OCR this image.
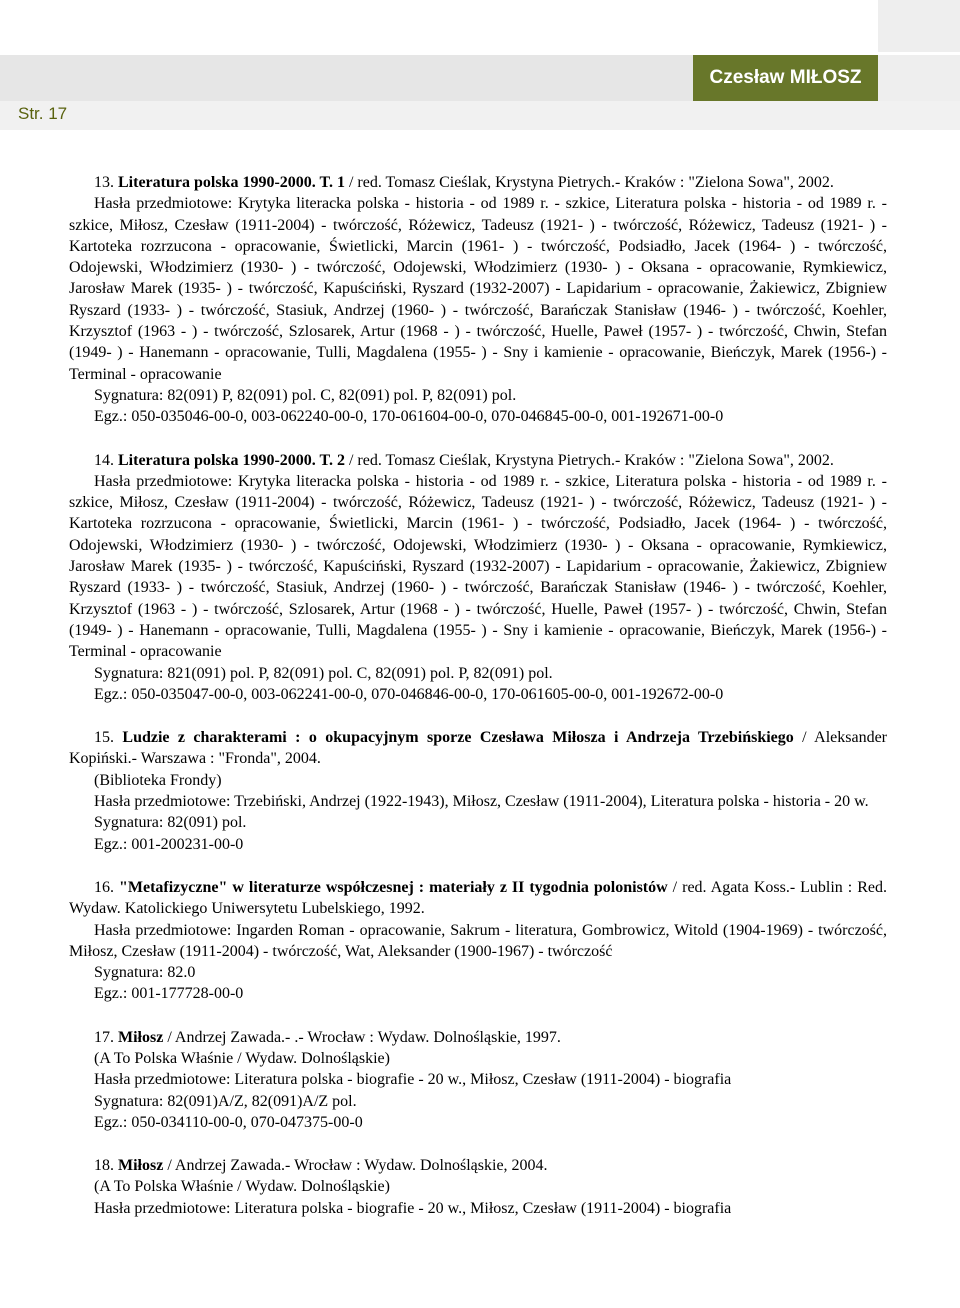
Czesław MIŁOSZ
Str. 17

13. Literatura polska 1990-2000. T. 1 / red. Tomasz Cieślak, Krystyna Pietrych.- Kraków : "Zielona Sowa", 2002.

Hasła przedmiotowe: Krytyka literacka polska - historia - od 1989 r. - szkice, Literatura polska - historia - od 1989 r. - szkice, Miłosz, Czesław (1911-2004) - twórczość, Różewicz, Tadeusz (1921- ) - twórczość, Różewicz, Tadeusz (1921- ) - Kartoteka rozrzucona - opracowanie, Świetlicki, Marcin (1961- ) - twórczość, Podsiadło, Jacek (1964- ) - twórczość, Odojewski, Włodzimierz (1930- ) - twórczość, Odojewski, Włodzimierz (1930- ) - Oksana - opracowanie, Rymkiewicz, Jarosław Marek (1935- ) - twórczość, Kapuściński, Ryszard (1932-2007) - Lapidarium - opracowanie, Żakiewicz, Zbigniew Ryszard (1933- ) - twórczość, Stasiuk, Andrzej (1960- ) - twórczość, Barańczak Stanisław (1946- ) - twórczość, Koehler, Krzysztof (1963 - ) - twórczość, Szlosarek, Artur (1968 - ) - twórczość, Huelle, Paweł (1957- ) - twórczość, Chwin, Stefan (1949- ) - Hanemann - opracowanie, Tulli, Magdalena (1955- ) - Sny i kamienie - opracowanie, Bieńczyk, Marek (1956-) - Terminal - opracowanie

Sygnatura: 82(091) P, 82(091) pol. C, 82(091) pol. P, 82(091) pol.

Egz.: 050-035046-00-0, 003-062240-00-0, 170-061604-00-0, 070-046845-00-0, 001-192671-00-0

14. Literatura polska 1990-2000. T. 2 / red. Tomasz Cieślak, Krystyna Pietrych.- Kraków : "Zielona Sowa", 2002.

Hasła przedmiotowe: Krytyka literacka polska - historia - od 1989 r. - szkice, Literatura polska - historia - od 1989 r. - szkice, Miłosz, Czesław (1911-2004) - twórczość, Różewicz, Tadeusz (1921- ) - twórczość, Różewicz, Tadeusz (1921- ) - Kartoteka rozrzucona - opracowanie, Świetlicki, Marcin (1961- ) - twórczość, Podsiadło, Jacek (1964- ) - twórczość, Odojewski, Włodzimierz (1930- ) - twórczość, Odojewski, Włodzimierz (1930- ) - Oksana - opracowanie, Rymkiewicz, Jarosław Marek (1935- ) - twórczość, Kapuściński, Ryszard (1932-2007) - Lapidarium - opracowanie, Żakiewicz, Zbigniew Ryszard (1933- ) - twórczość, Stasiuk, Andrzej (1960- ) - twórczość, Barańczak Stanisław (1946- ) - twórczość, Koehler, Krzysztof (1963 - ) - twórczość, Szlosarek, Artur (1968 - ) - twórczość, Huelle, Paweł (1957- ) - twórczość, Chwin, Stefan (1949- ) - Hanemann - opracowanie, Tulli, Magdalena (1955- ) - Sny i kamienie - opracowanie, Bieńczyk, Marek (1956-) - Terminal - opracowanie

Sygnatura: 821(091) pol. P, 82(091) pol. C, 82(091) pol. P, 82(091) pol.

Egz.: 050-035047-00-0, 003-062241-00-0, 070-046846-00-0, 170-061605-00-0, 001-192672-00-0

15. Ludzie z charakterami : o okupacyjnym sporze Czesława Miłosza i Andrzeja Trzebińskiego / Aleksander Kopiński.- Warszawa : "Fronda", 2004.

(Biblioteka Frondy)

Hasła przedmiotowe: Trzebiński, Andrzej (1922-1943), Miłosz, Czesław (1911-2004), Literatura polska - historia - 20 w.

Sygnatura: 82(091) pol.

Egz.: 001-200231-00-0

16. "Metafizyczne" w literaturze współczesnej : materiały z II tygodnia polonistów / red. Agata Koss.- Lublin : Red. Wydaw. Katolickiego Uniwersytetu Lubelskiego, 1992.

Hasła przedmiotowe: Ingarden Roman - opracowanie, Sakrum - literatura, Gombrowicz, Witold (1904-1969) - twórczość, Miłosz, Czesław (1911-2004) - twórczość, Wat, Aleksander (1900-1967) - twórczość

Sygnatura: 82.0

Egz.: 001-177728-00-0

17. Miłosz / Andrzej Zawada.- .- Wrocław : Wydaw. Dolnośląskie, 1997.

(A To Polska Właśnie / Wydaw. Dolnośląskie)

Hasła przedmiotowe: Literatura polska - biografie - 20 w., Miłosz, Czesław (1911-2004) - biografia

Sygnatura: 82(091)A/Z, 82(091)A/Z pol.

Egz.: 050-034110-00-0, 070-047375-00-0

18. Miłosz / Andrzej Zawada.- Wrocław : Wydaw. Dolnośląskie, 2004.

(A To Polska Właśnie / Wydaw. Dolnośląskie)

Hasła przedmiotowe: Literatura polska - biografie - 20 w., Miłosz, Czesław (1911-2004) - biografia
